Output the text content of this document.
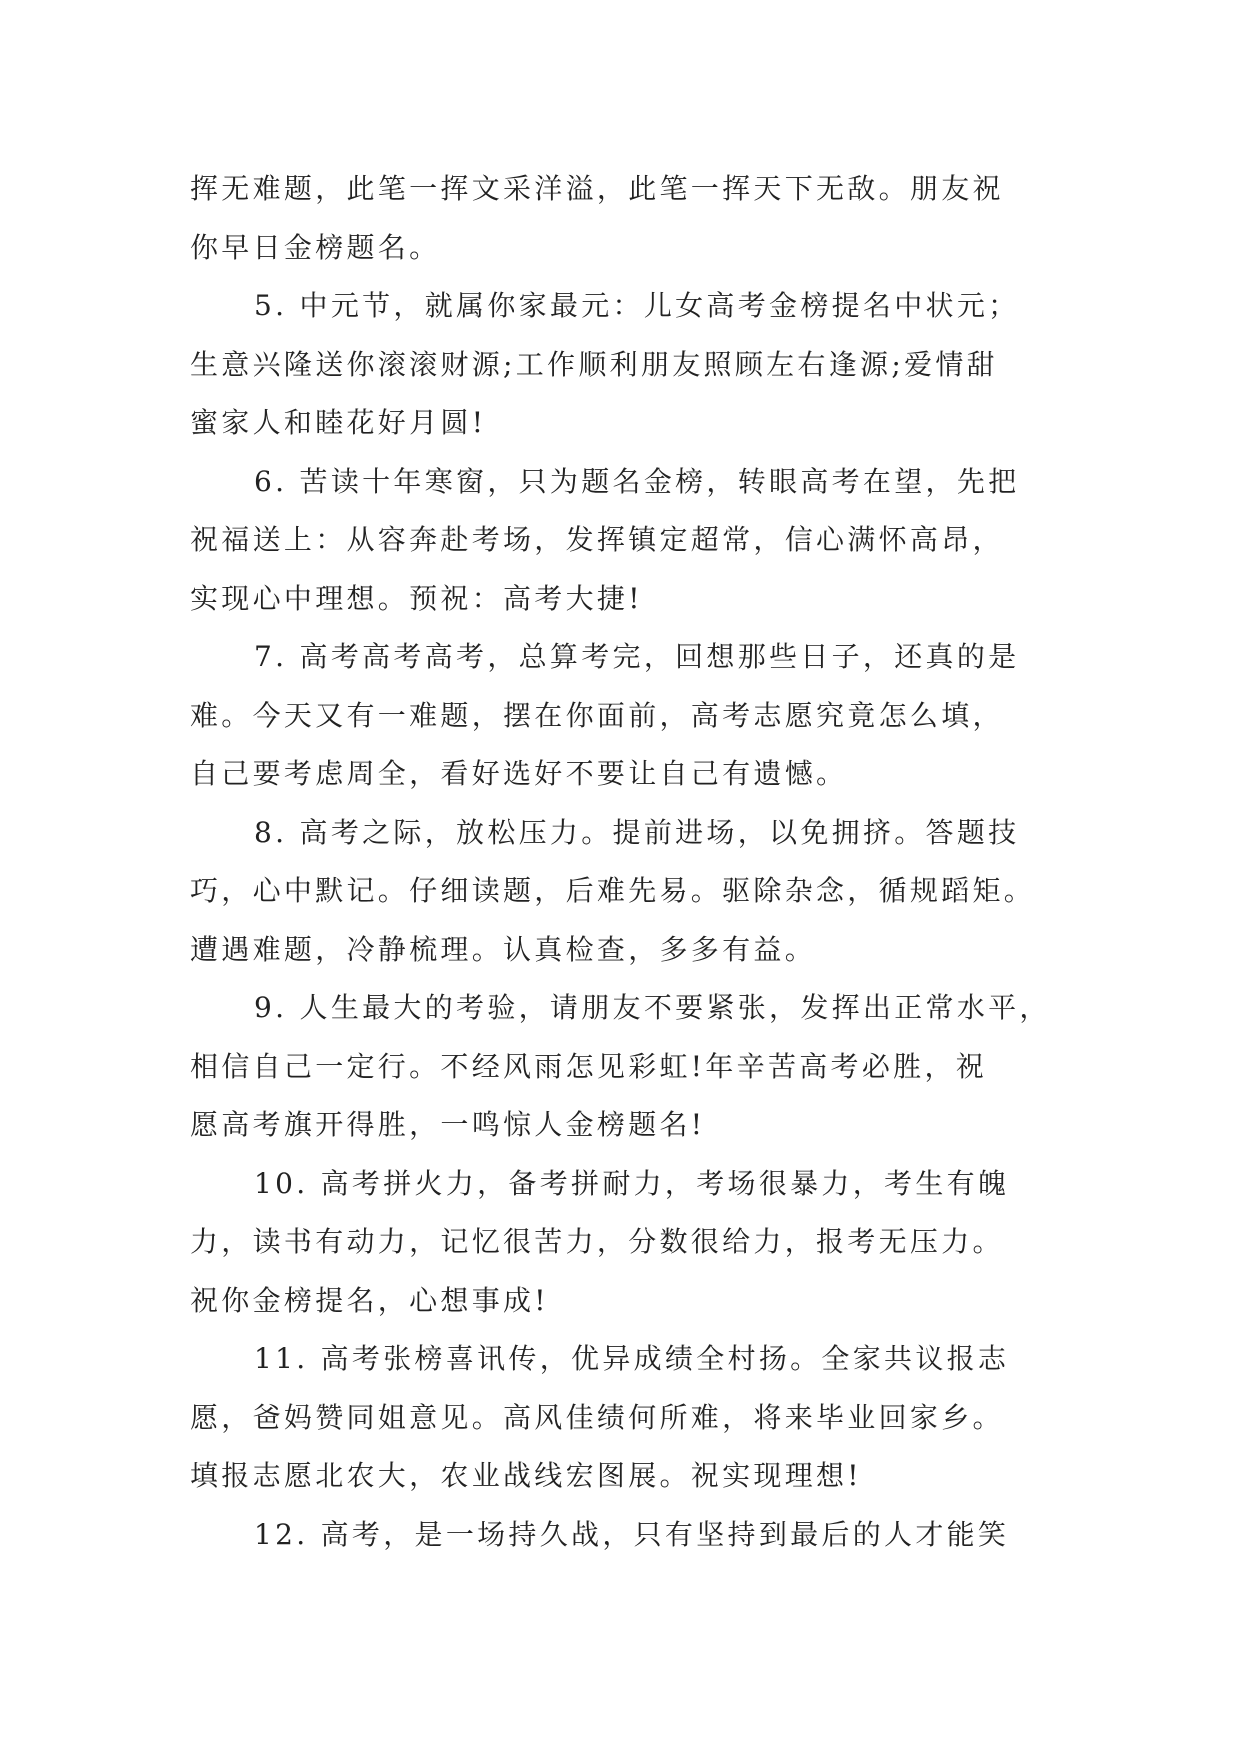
挥无难题，此笔一挥文采洋溢，此笔一挥天下无敌。朋友祝
你早日金榜题名。

5. 中元节，就属你家最元：儿女高考金榜提名中状元；
生意兴隆送你滚滚财源;工作顺利朋友照顾左右逢源;爱情甜
蜜家人和睦花好月圆!

6. 苦读十年寒窗，只为题名金榜，转眼高考在望，先把
祝福送上：从容奔赴考场，发挥镇定超常，信心满怀高昂，
实现心中理想。预祝：高考大捷!

7. 高考高考高考，总算考完，回想那些日子，还真的是
难。今天又有一难题，摆在你面前，高考志愿究竟怎么填，
自己要考虑周全，看好选好不要让自己有遗憾。

8. 高考之际，放松压力。提前进场，以免拥挤。答题技
巧，心中默记。仔细读题，后难先易。驱除杂念，循规蹈矩。
遭遇难题，冷静梳理。认真检查，多多有益。

9. 人生最大的考验，请朋友不要紧张，发挥出正常水平，
相信自己一定行。不经风雨怎见彩虹!年辛苦高考必胜，祝
愿高考旗开得胜，一鸣惊人金榜题名!

10. 高考拼火力，备考拼耐力，考场很暴力，考生有魄
力，读书有动力，记忆很苦力，分数很给力，报考无压力。
祝你金榜提名，心想事成!

11. 高考张榜喜讯传，优异成绩全村扬。全家共议报志
愿，爸妈赞同姐意见。高风佳绩何所难，将来毕业回家乡。
填报志愿北农大，农业战线宏图展。祝实现理想!

12. 高考，是一场持久战，只有坚持到最后的人才能笑
